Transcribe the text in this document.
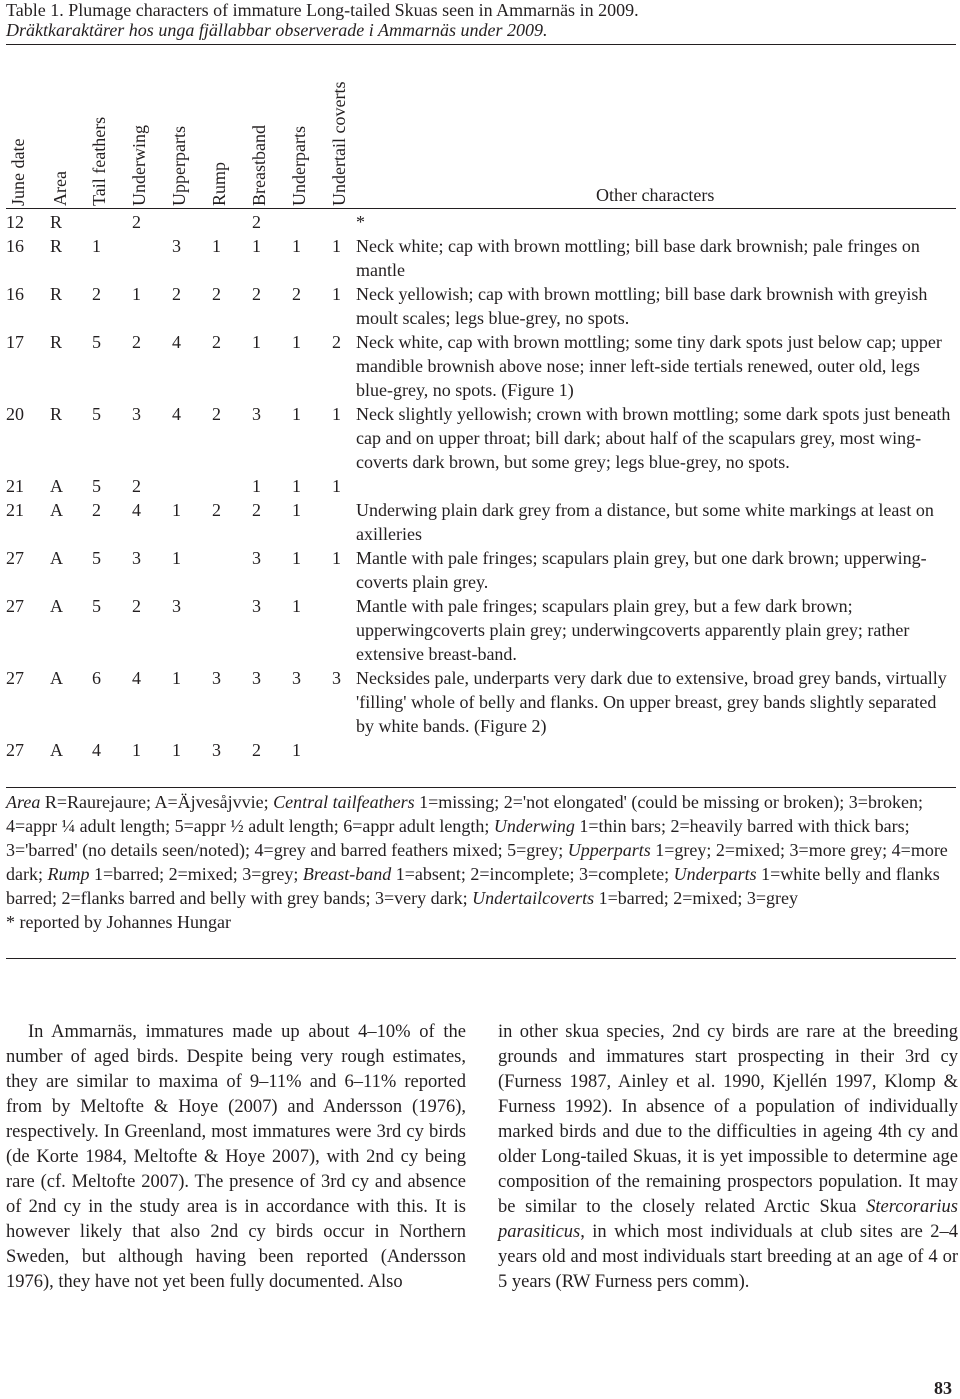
Table 1. Plumage characters of immature Long-tailed Skuas seen in Ammarnäs in 2009.
Dräktkaraktärer hos unga fjällabbar observerade i Ammarnäs under 2009.
June date Area Tail feathers Underwing Upperparts Rump Breastband Underparts Undertail coverts	Other characters
12	R		2			2			*
16	R	1		3	1	1	1	1	Neck white; cap with brown mottling; bill base dark brownish; pale fringes on mantle
16	R	2	1	2	2	2	2	1	Neck yellowish; cap with brown mottling; bill base dark brownish with greyish moult scales; legs blue-grey, no spots.
17	R	5	2	4	2	1	1	2	Neck white, cap with brown mottling; some tiny dark spots just below cap; upper mandible brownish above nose; inner left-side tertials renewed, outer old, legs blue-grey, no spots. (Figure 1)
20	R	5	3	4	2	3	1	1	Neck slightly yellowish; crown with brown mottling; some dark spots just beneath cap and on upper throat; bill dark; about half of the scapulars grey, most wing-coverts dark brown, but some grey; legs blue-grey, no spots.
21	A	5	2			1	1	1	
21	A	2	4	1	2	2	1		Underwing plain dark grey from a distance, but some white markings at least on axilleries
27	A	5	3	1		3	1	1	Mantle with pale fringes; scapulars plain grey, but one dark brown; upperwing-coverts plain grey.
27	A	5	2	3		3	1		Mantle with pale fringes; scapulars plain grey, but a few dark brown; upperwingcoverts plain grey; underwingcoverts apparently plain grey; rather extensive breast-band.
27	A	6	4	1	3	3	3	3	Necksides pale, underparts very dark due to extensive, broad grey bands, virtually 'filling' whole of belly and flanks. On upper breast, grey bands slightly separated by white bands. (Figure 2)
27	A	4	1	1	3	2	1		
Area R=Raurejaure; A=Äjvesåjvvie; Central tailfeathers 1=missing; 2='not elongated' (could be missing or broken); 3=broken; 4=appr ¼ adult length; 5=appr ½ adult length; 6=appr adult length; Underwing 1=thin bars; 2=heavily barred with thick bars; 3='barred' (no details seen/noted); 4=grey and barred feathers mixed; 5=grey; Upperparts 1=grey; 2=mixed; 3=more grey; 4=more dark; Rump 1=barred; 2=mixed; 3=grey; Breast-band 1=absent; 2=incomplete; 3=complete; Underparts 1=white belly and flanks barred; 2=flanks barred and belly with grey bands; 3=very dark; Undertailcoverts 1=barred; 2=mixed; 3=grey
* reported by Johannes Hungar
In Ammarnäs, immatures made up about 4–10% of the number of aged birds. Despite being very rough estimates, they are similar to maxima of 9–11% and 6–11% reported from by Meltofte & Hoye (2007) and Andersson (1976), respectively. In Greenland, most immatures were 3rd cy birds (de Korte 1984, Meltofte & Hoye 2007), with 2nd cy being rare (cf. Meltofte 2007). The presence of 3rd cy and absence of 2nd cy in the study area is in accordance with this. It is however likely that also 2nd cy birds occur in Northern Sweden, but although having been reported (Andersson 1976), they have not yet been fully documented. Also
in other skua species, 2nd cy birds are rare at the breeding grounds and immatures start prospecting in their 3rd cy (Furness 1987, Ainley et al. 1990, Kjellén 1997, Klomp & Furness 1992). In absence of a population of individually marked birds and due to the difficulties in ageing 4th cy and older Long-tailed Skuas, it is yet impossible to determine age composition of the remaining prospectors population. It may be similar to the closely related Arctic Skua Stercorarius parasiticus, in which most individuals at club sites are 2–4 years old and most individuals start breeding at an age of 4 or 5 years (RW Furness pers comm).
83
